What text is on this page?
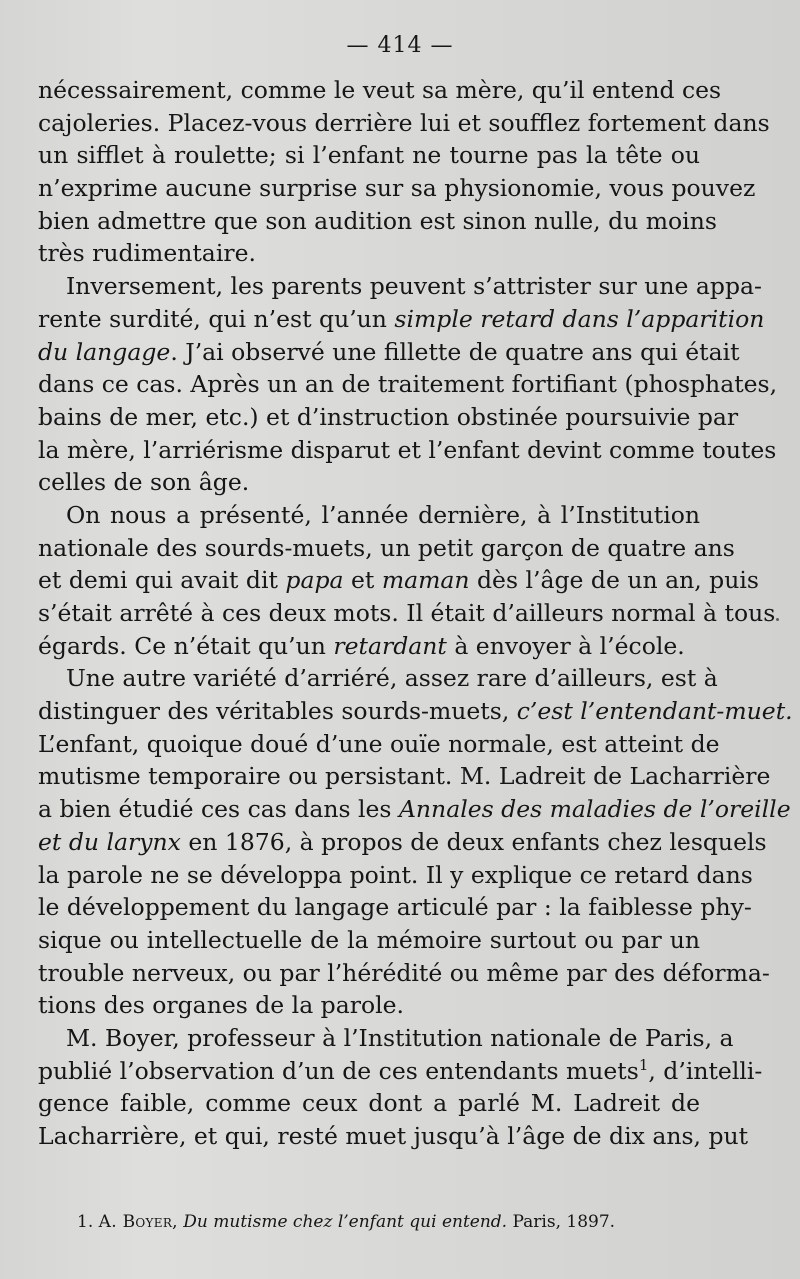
— 414 —
nécessairement, comme le veut sa mère, qu’il entend ces
cajoleries. Placez-vous derrière lui et soufflez fortement dans
un sifflet à roulette; si l’enfant ne tourne pas la tête ou
n’exprime aucune surprise sur sa physionomie, vous pouvez
bien admettre que son audition est sinon nulle, du moins
très rudimentaire.
Inversement, les parents peuvent s’attrister sur une appa-
rente surdité, qui n’est qu’un simple retard dans l’apparition
du langage. J’ai observé une fillette de quatre ans qui était
dans ce cas. Après un an de traitement fortifiant (phosphates,
bains de mer, etc.) et d’instruction obstinée poursuivie par
la mère, l’arriérisme disparut et l’enfant devint comme toutes
celles de son âge.
On nous a présenté, l’année dernière, à l’Institution
nationale des sourds-muets, un petit garçon de quatre ans
et demi qui avait dit papa et maman dès l’âge de un an, puis
s’était arrêté à ces deux mots. Il était d’ailleurs normal à tous
égards. Ce n’était qu’un retardant à envoyer à l’école.
Une autre variété d’arriéré, assez rare d’ailleurs, est à
distinguer des véritables sourds-muets, c’est l’entendant-muet.
L’enfant, quoique doué d’une ouïe normale, est atteint de
mutisme temporaire ou persistant. M. Ladreit de Lacharrière
a bien étudié ces cas dans les Annales des maladies de l’oreille
et du larynx en 1876, à propos de deux enfants chez lesquels
la parole ne se développa point. Il y explique ce retard dans
le développement du langage articulé par : la faiblesse phy-
sique ou intellectuelle de la mémoire surtout ou par un
trouble nerveux, ou par l’hérédité ou même par des déforma-
tions des organes de la parole.
M. Boyer, professeur à l’Institution nationale de Paris, a
publié l’observation d’un de ces entendants muets$^1$, d’intelli-
gence faible, comme ceux dont a parlé M. Ladreit de
Lacharrière, et qui, resté muet jusqu’à l’âge de dix ans, put
1. A. Boyer, Du mutisme chez l’enfant qui entend. Paris, 1897.
